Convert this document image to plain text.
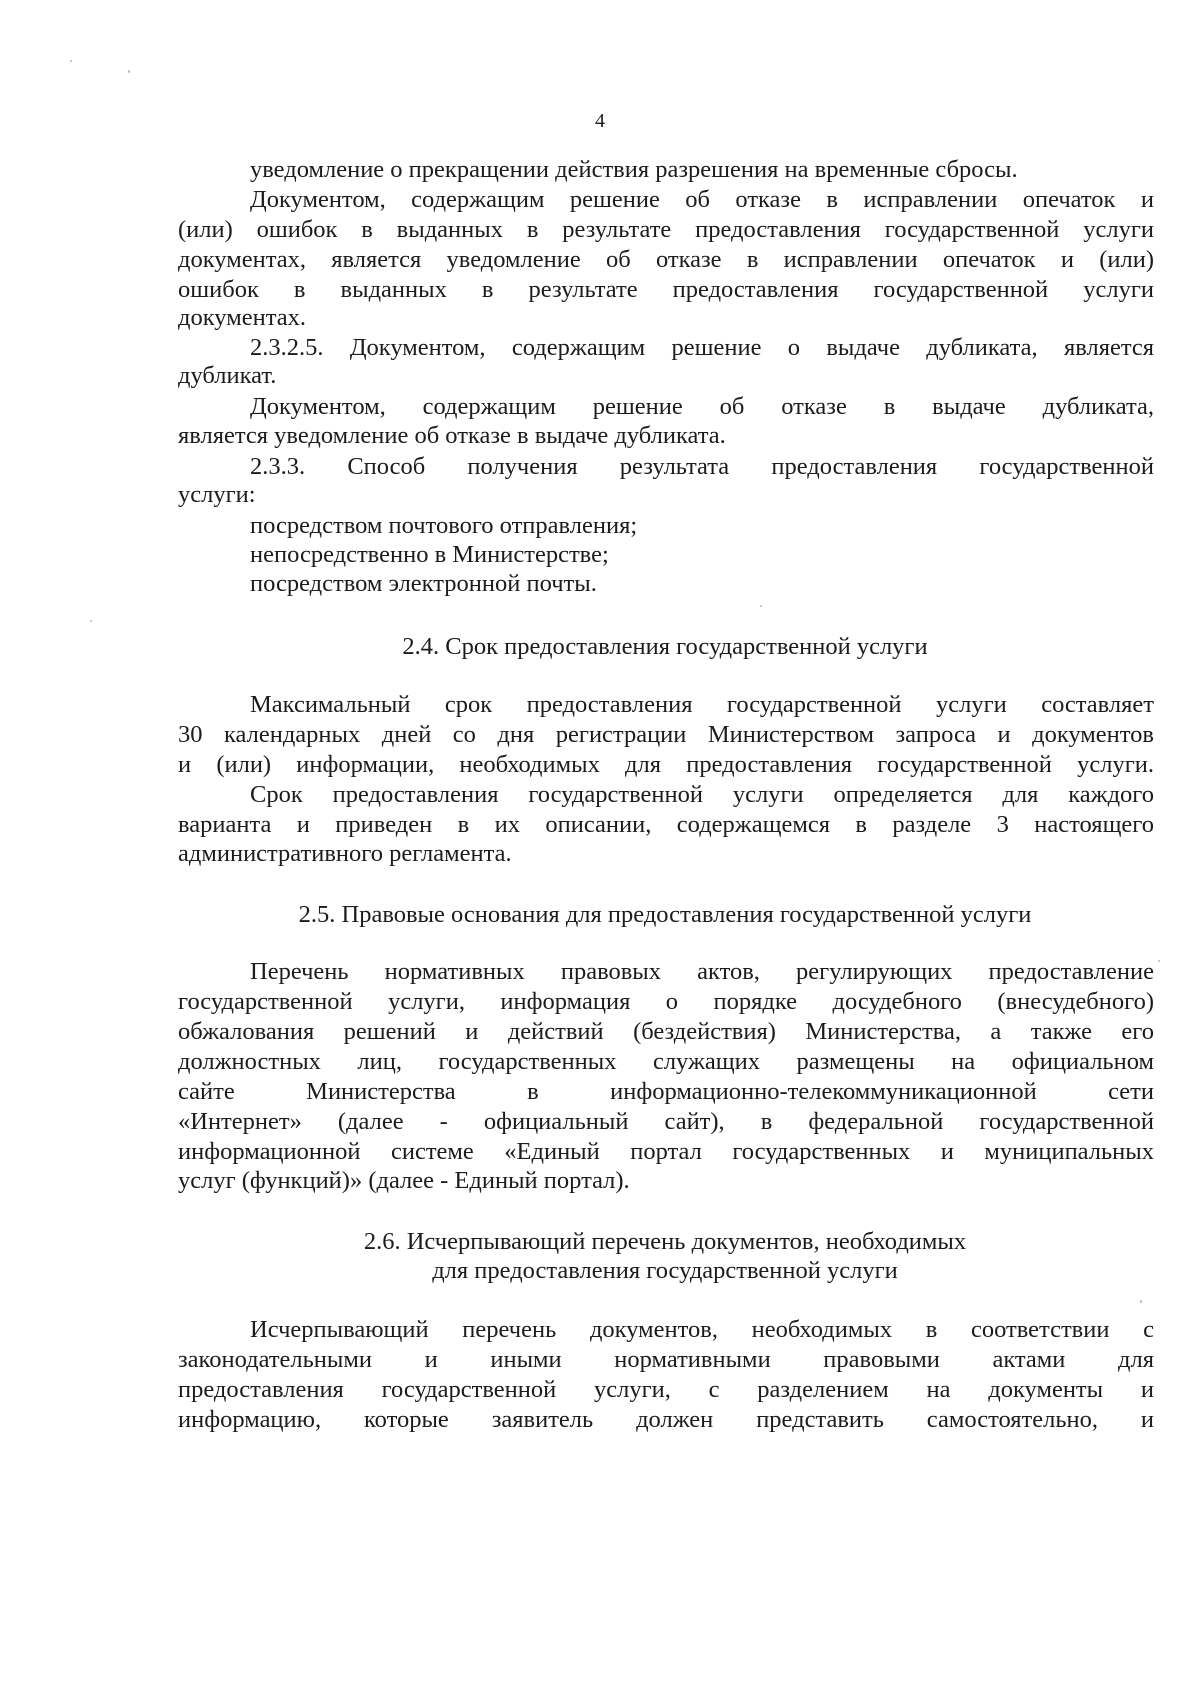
4

уведомление о прекращении действия разрешения на временные сбросы.

Документом, содержащим решение об отказе в исправлении опечаток и

(или) ошибок в выданных в результате предоставления государственной услуги

документах, является уведомление об отказе в исправлении опечаток и (или)

ошибок в выданных в результате предоставления государственной услуги

документах.

2.3.2.5. Документом, содержащим решение о выдаче дубликата, является

дубликат.

Документом, содержащим решение об отказе в выдаче дубликата,

является уведомление об отказе в выдаче дубликата.

2.3.3. Способ получения результата предоставления государственной

услуги:

посредством почтового отправления;

непосредственно в Министерстве;

посредством электронной почты.

2.4. Срок предоставления государственной услуги

Максимальный срок предоставления государственной услуги составляет

30 календарных дней со дня регистрации Министерством запроса и документов

и (или) информации, необходимых для предоставления государственной услуги.

Срок предоставления государственной услуги определяется для каждого

варианта и приведен в их описании, содержащемся в разделе 3 настоящего

административного регламента.

2.5. Правовые основания для предоставления государственной услуги

Перечень нормативных правовых актов, регулирующих предоставление

государственной услуги, информация о порядке досудебного (внесудебного)

обжалования решений и действий (бездействия) Министерства, а также его

должностных лиц, государственных служащих размещены на официальном

сайте Министерства в информационно-телекоммуникационной сети

«Интернет» (далее - официальный сайт), в федеральной государственной

информационной системе «Единый портал государственных и муниципальных

услуг (функций)» (далее - Единый портал).

2.6. Исчерпывающий перечень документов, необходимых

для предоставления государственной услуги

Исчерпывающий перечень документов, необходимых в соответствии с

законодательными и иными нормативными правовыми актами для

предоставления государственной услуги, с разделением на документы и

информацию, которые заявитель должен представить самостоятельно, и
